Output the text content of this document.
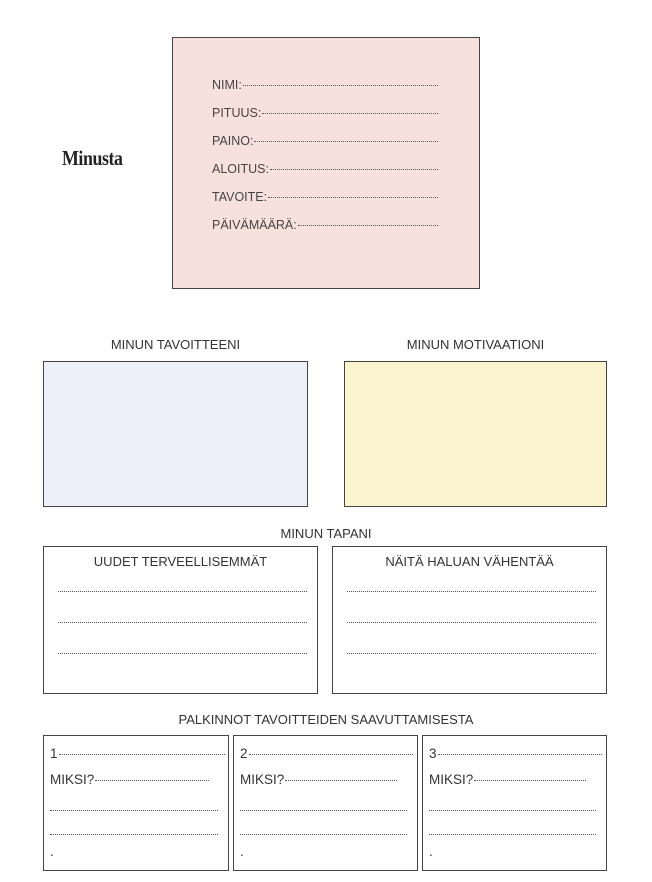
Minusta
NIMI:
PITUUS:
PAINO:
ALOITUS:
TAVOITE:
PÄIVÄMÄÄRÄ:
MINUN TAVOITTEENI	MINUN MOTIVAATIONI
MINUN TAPANI
UUDET TERVEELLISEMMÄT	NÄITÄ HALUAN VÄHENTÄÄ
PALKINNOT TAVOITTEIDEN SAAVUTTAMISESTA
1
MIKSI?
.
2
MIKSI?
.
3
MIKSI?
.
